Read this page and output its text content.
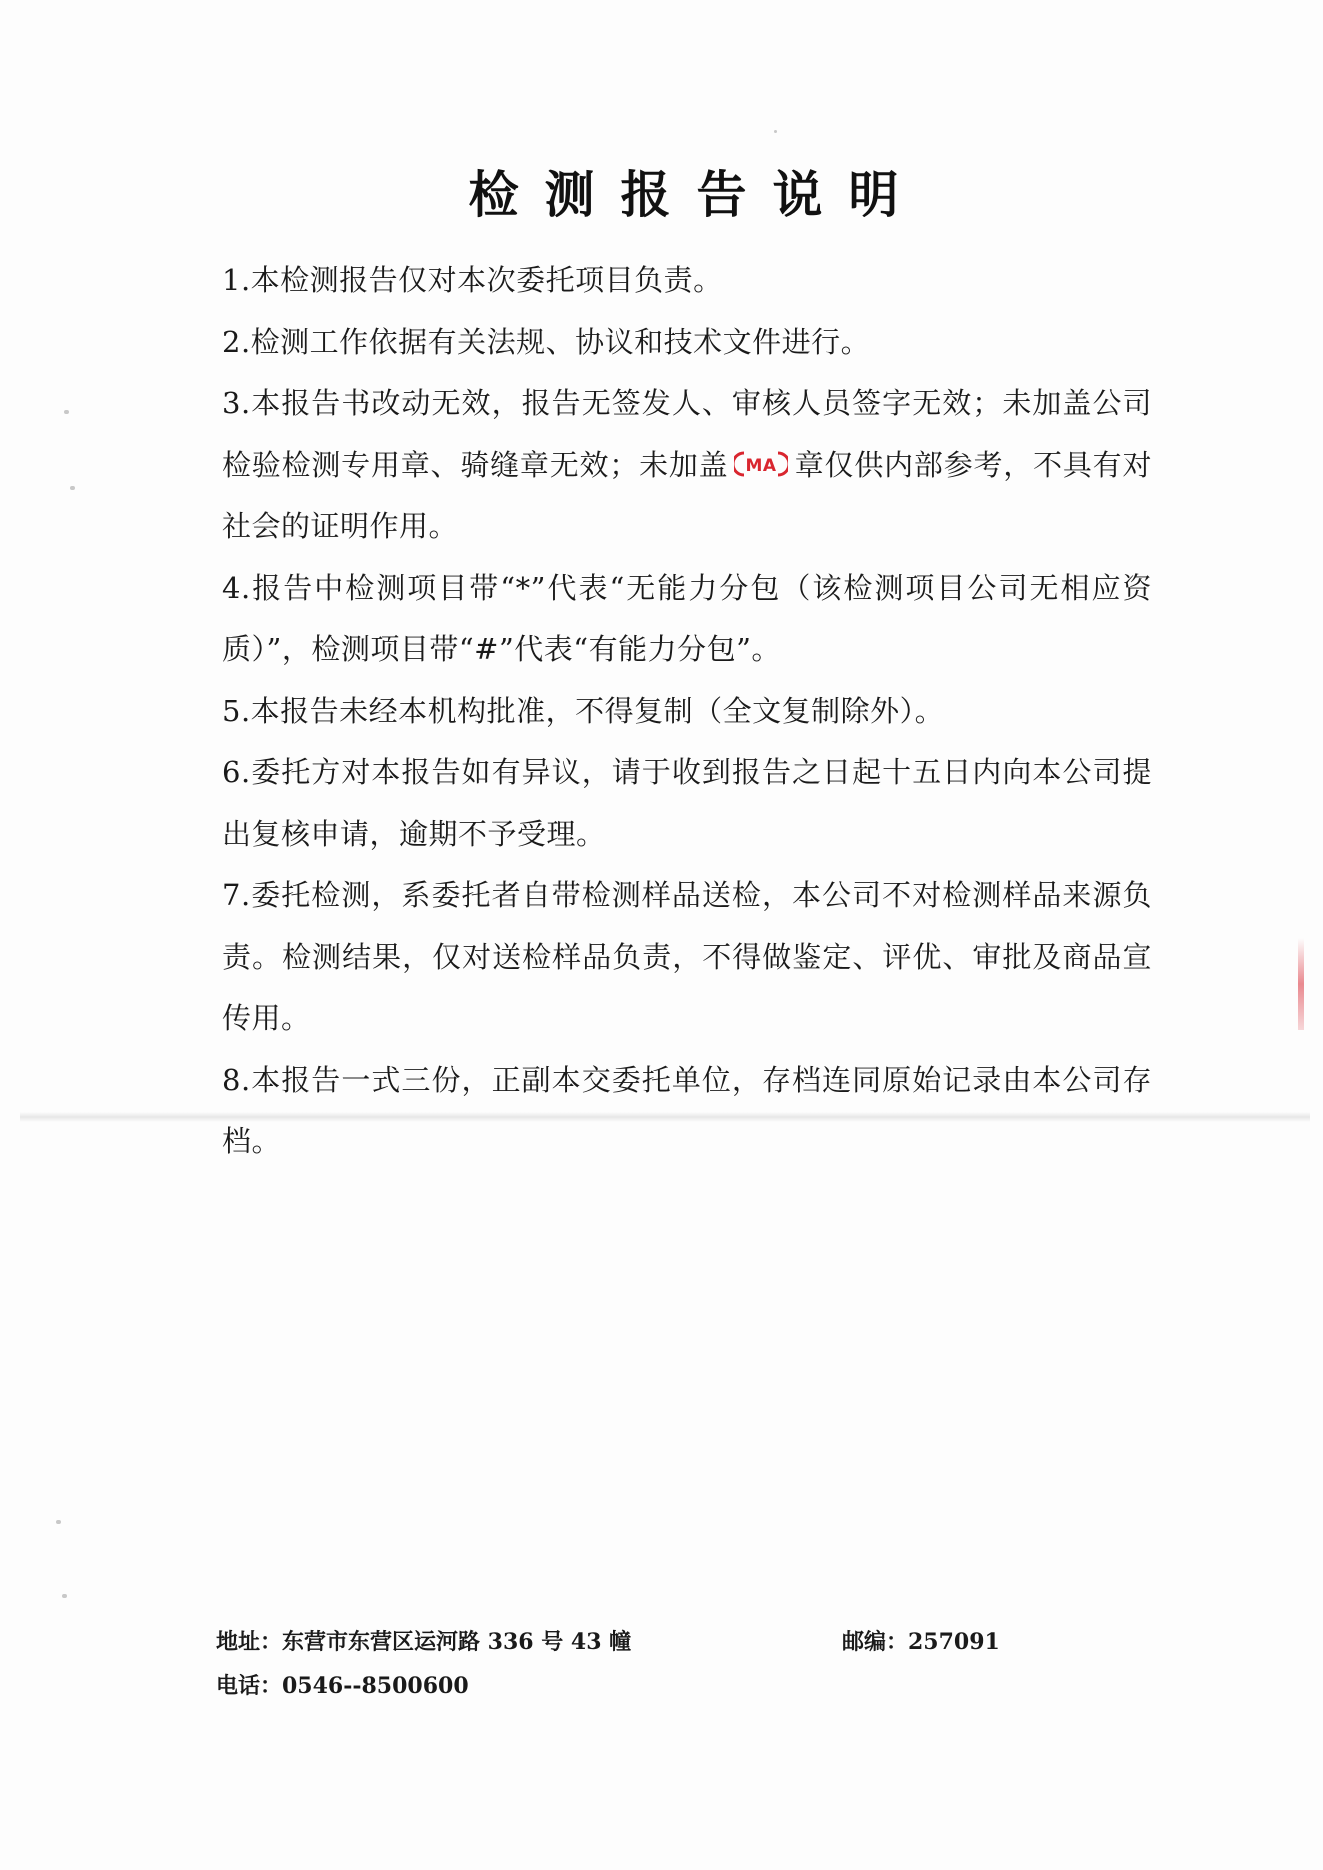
检测报告说明

1.本检测报告仅对本次委托项目负责。

2.检测工作依据有关法规、协议和技术文件进行。

3.本报告书改动无效，报告无签发人、审核人员签字无效；未加盖公司检验检测专用章、骑缝章无效；未加盖 MA 章仅供内部参考，不具有对社会的证明作用。

4.报告中检测项目带“*”代表“无能力分包（该检测项目公司无相应资质）”，检测项目带“#”代表“有能力分包”。

5.本报告未经本机构批准，不得复制（全文复制除外）。

6.委托方对本报告如有异议，请于收到报告之日起十五日内向本公司提出复核申请，逾期不予受理。

7.委托检测，系委托者自带检测样品送检，本公司不对检测样品来源负责。检测结果，仅对送检样品负责，不得做鉴定、评优、审批及商品宣传用。

8.本报告一式三份，正副本交委托单位，存档连同原始记录由本公司存档。

地址：东营市东营区运河路 336 号 43 幢	邮编：257091
电话：0546--8500600
